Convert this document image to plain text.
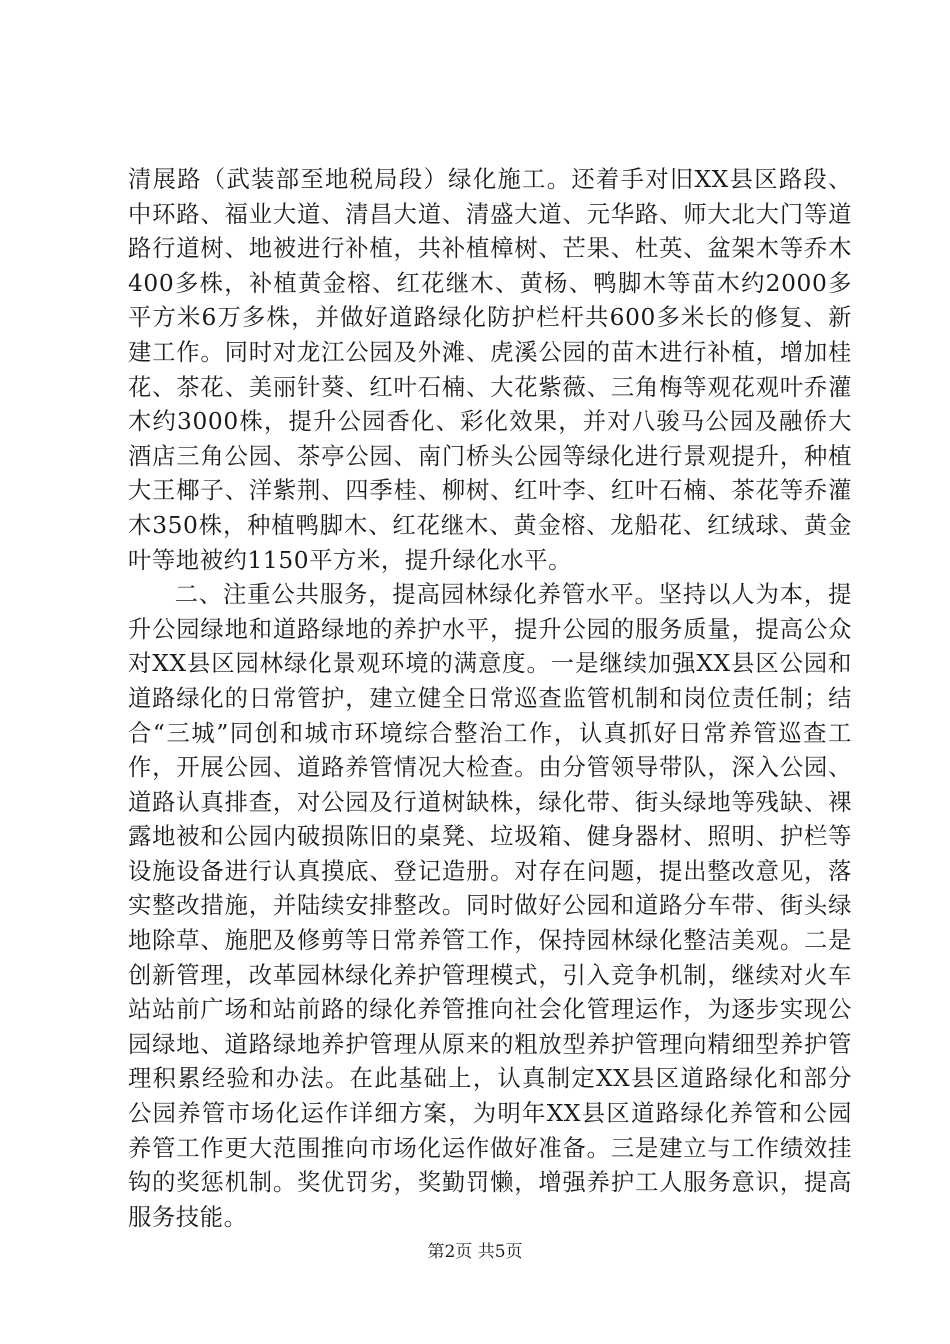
清展路（武装部至地税局段）绿化施工。还着手对旧XX县区路段、中环路、福业大道、清昌大道、清盛大道、元华路、师大北大门等道路行道树、地被进行补植，共补植樟树、芒果、杜英、盆架木等乔木400多株，补植黄金榕、红花继木、黄杨、鸭脚木等苗木约2000多平方米6万多株，并做好道路绿化防护栏杆共600多米长的修复、新建工作。同时对龙江公园及外滩、虎溪公园的苗木进行补植，增加桂花、茶花、美丽针葵、红叶石楠、大花紫薇、三角梅等观花观叶乔灌木约3000株，提升公园香化、彩化效果，并对八骏马公园及融侨大酒店三角公园、茶亭公园、南门桥头公园等绿化进行景观提升，种植大王椰子、洋紫荆、四季桂、柳树、红叶李、红叶石楠、茶花等乔灌木350株，种植鸭脚木、红花继木、黄金榕、龙船花、红绒球、黄金叶等地被约1150平方米，提升绿化水平。

二、注重公共服务，提高园林绿化养管水平。坚持以人为本，提升公园绿地和道路绿地的养护水平，提升公园的服务质量，提高公众对XX县区园林绿化景观环境的满意度。一是继续加强XX县区公园和道路绿化的日常管护，建立健全日常巡查监管机制和岗位责任制；结合“三城”同创和城市环境综合整治工作，认真抓好日常养管巡查工作，开展公园、道路养管情况大检查。由分管领导带队，深入公园、道路认真排查，对公园及行道树缺株，绿化带、街头绿地等残缺、裸露地被和公园内破损陈旧的桌凳、垃圾箱、健身器材、照明、护栏等设施设备进行认真摸底、登记造册。对存在问题，提出整改意见，落实整改措施，并陆续安排整改。同时做好公园和道路分车带、街头绿地除草、施肥及修剪等日常养管工作，保持园林绿化整洁美观。二是创新管理，改革园林绿化养护管理模式，引入竞争机制，继续对火车站站前广场和站前路的绿化养管推向社会化管理运作，为逐步实现公园绿地、道路绿地养护管理从原来的粗放型养护管理向精细型养护管理积累经验和办法。在此基础上，认真制定XX县区道路绿化和部分公园养管市场化运作详细方案，为明年XX县区道路绿化养管和公园养管工作更大范围推向市场化运作做好准备。三是建立与工作绩效挂钩的奖惩机制。奖优罚劣，奖勤罚懒，增强养护工人服务意识，提高服务技能。

第2页 共5页
